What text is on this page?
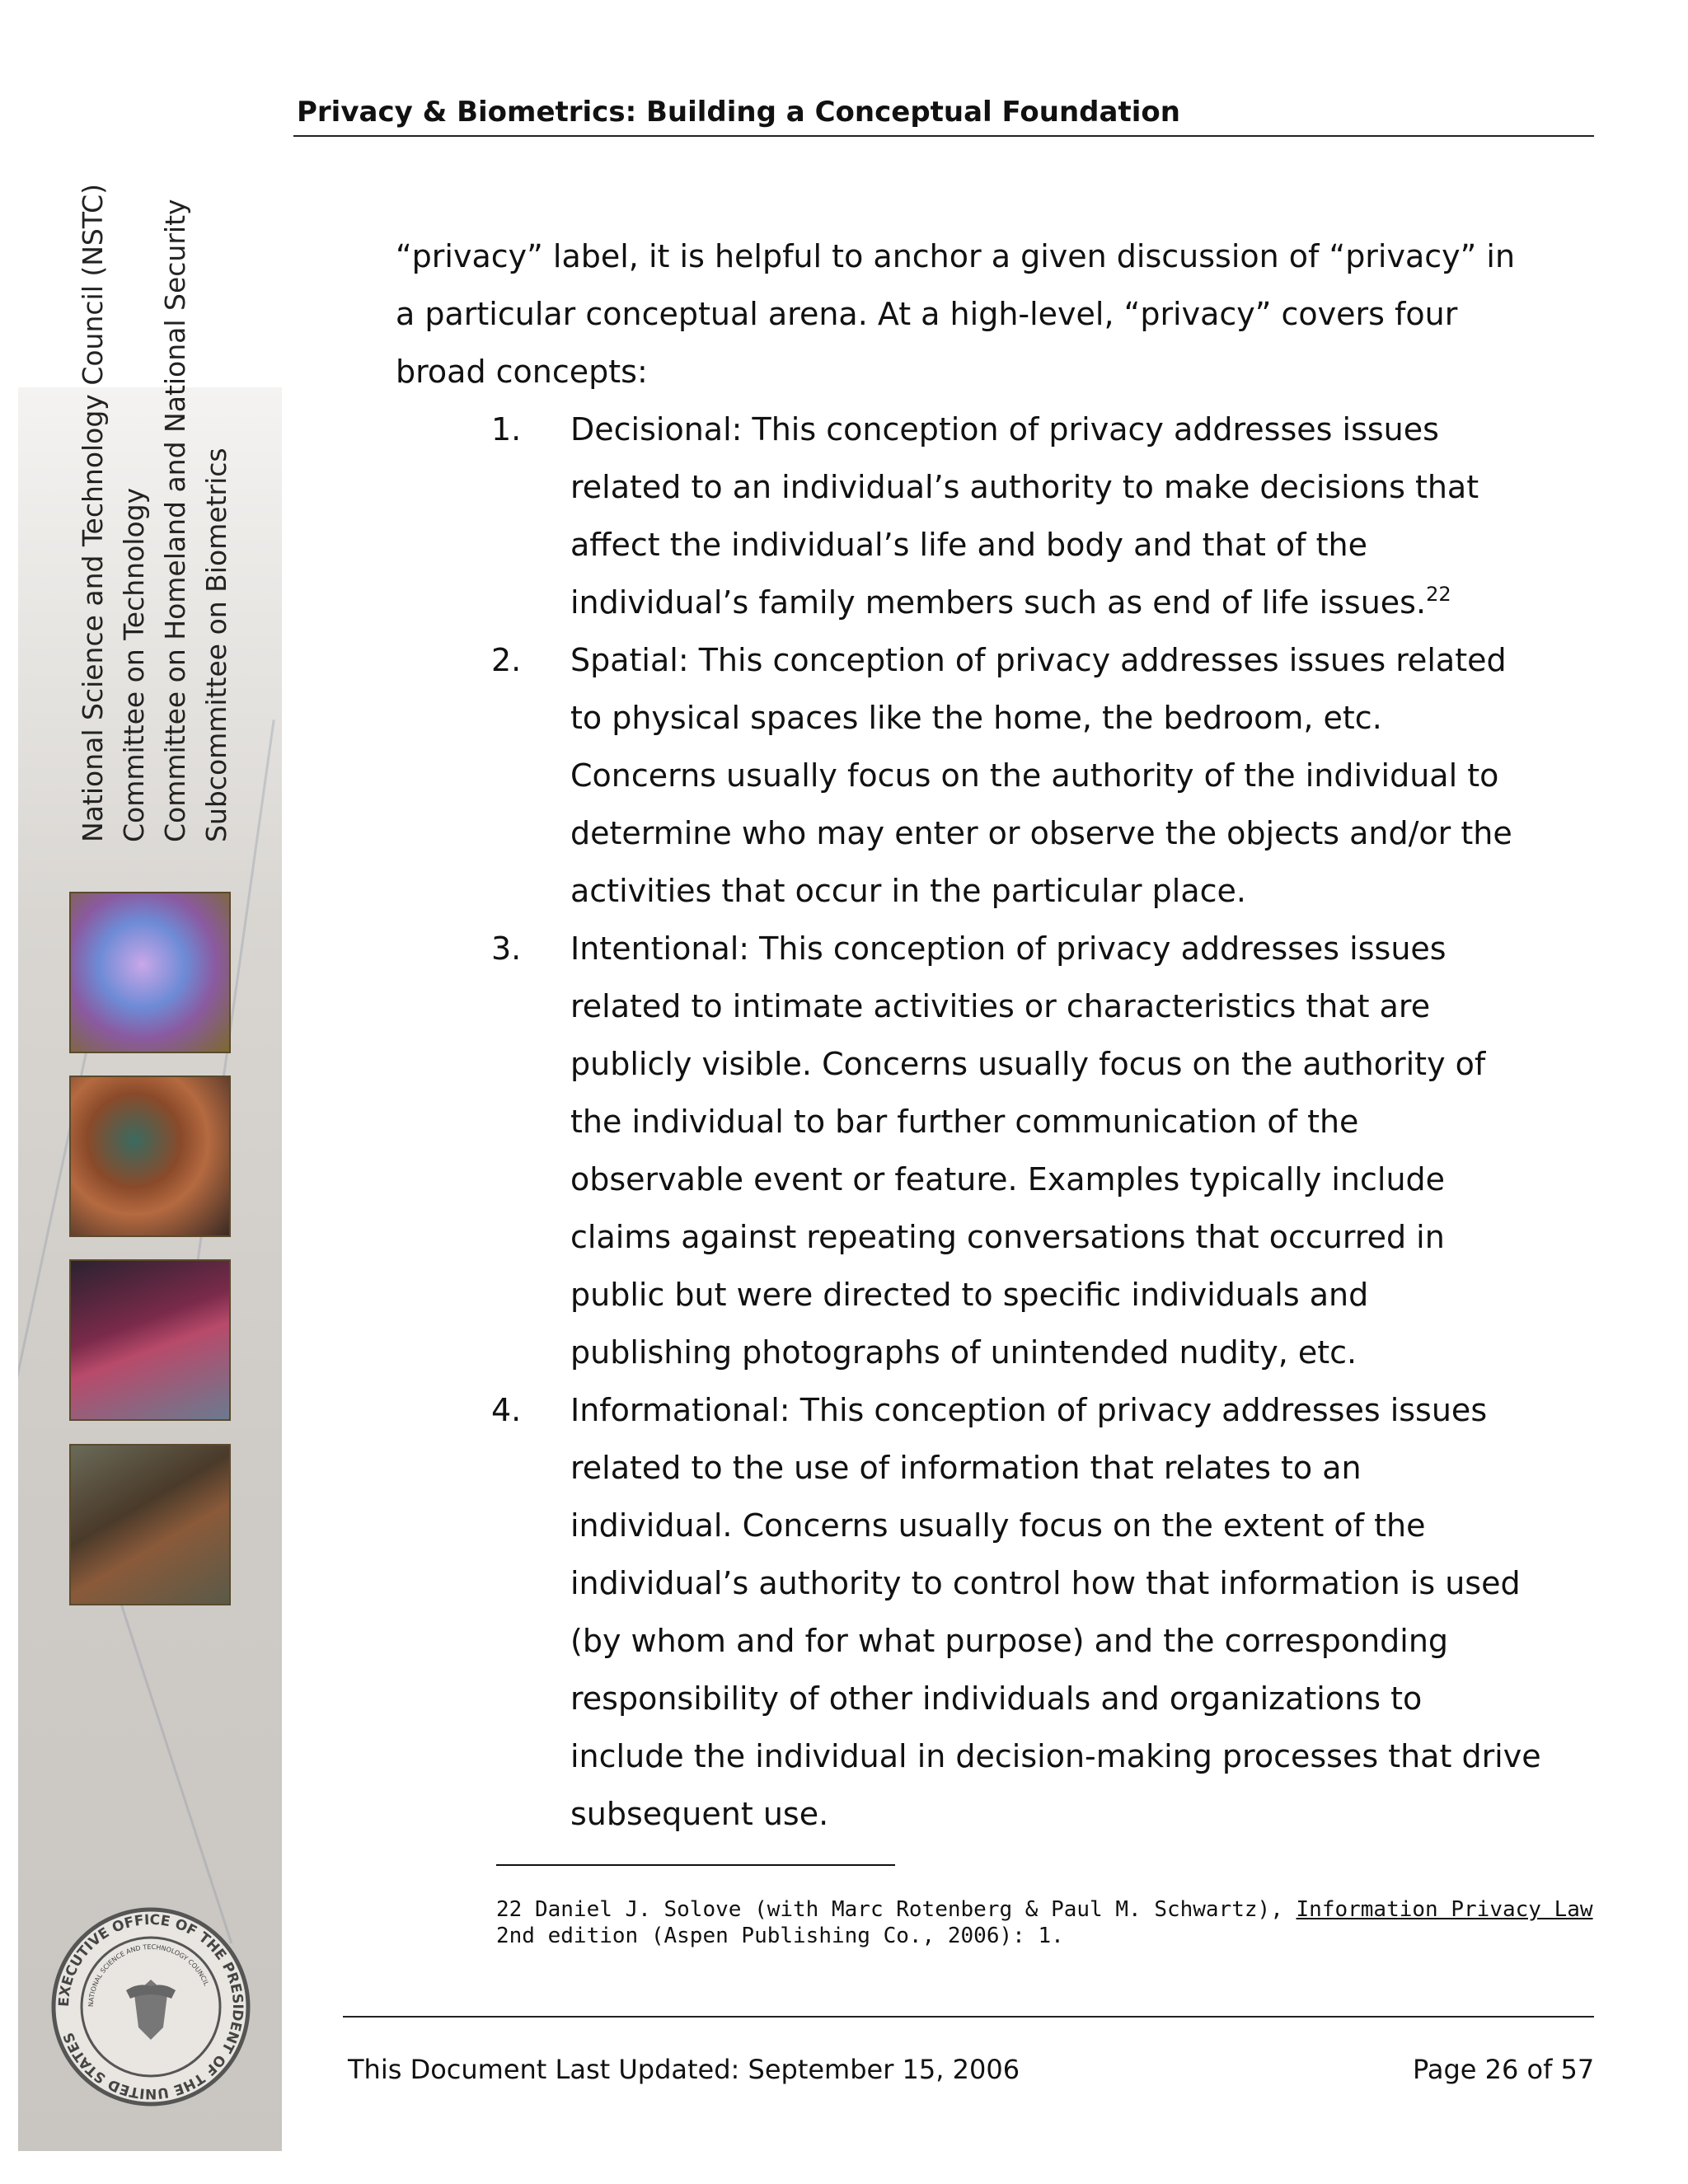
National Science and Technology Council (NSTC) Committee on Technology Committee on Homeland and National Security Subcommittee on Biometrics
EXECUTIVE OFFICE OF THE PRESIDENT OF THE UNITED STATES
NATIONAL SCIENCE AND TECHNOLOGY COUNCIL
Privacy & Biometrics: Building a Conceptual Foundation
“privacy” label, it is helpful to anchor a given discussion of “privacy” in
a particular conceptual arena. At a high-level, “privacy” covers four
broad concepts:
1. Decisional: This conception of privacy addresses issues
related to an individual’s authority to make decisions that
affect the individual’s life and body and that of the
individual’s family members such as end of life issues.$^{22}$
2. Spatial: This conception of privacy addresses issues related
to physical spaces like the home, the bedroom, etc.
Concerns usually focus on the authority of the individual to
determine who may enter or observe the objects and/or the
activities that occur in the particular place.
3. Intentional: This conception of privacy addresses issues
related to intimate activities or characteristics that are
publicly visible. Concerns usually focus on the authority of
the individual to bar further communication of the
observable event or feature. Examples typically include
claims against repeating conversations that occurred in
public but were directed to specific individuals and
publishing photographs of unintended nudity, etc.
4. Informational: This conception of privacy addresses issues
related to the use of information that relates to an
individual. Concerns usually focus on the extent of the
individual’s authority to control how that information is used
(by whom and for what purpose) and the corresponding
responsibility of other individuals and organizations to
include the individual in decision-making processes that drive
subsequent use.
22 Daniel J. Solove (with Marc Rotenberg & Paul M. Schwartz), Information Privacy Law
2nd edition (Aspen Publishing Co., 2006): 1.
This Document Last Updated: September 15, 2006	Page 26 of 57
